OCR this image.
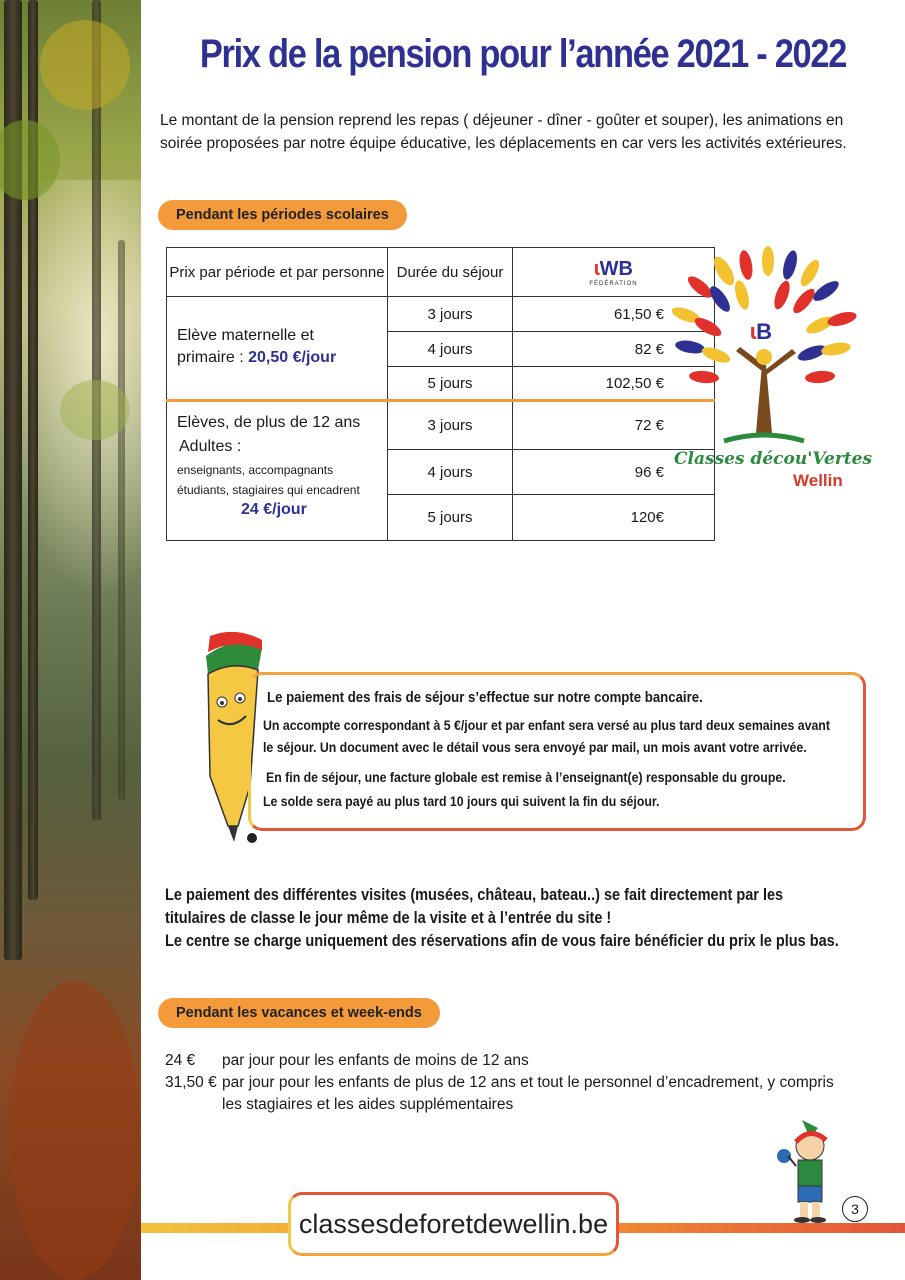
Prix de la pension pour l’année 2021 - 2022
Le montant de la pension reprend les repas ( déjeuner - dîner - goûter et souper), les animations en soirée proposées par notre équipe éducative, les déplacements en car vers les activités extérieures.
Pendant les périodes scolaires
Prix par période et par personne	Durée du séjour	ɩWB
FÉDÉRATION

Elève maternelle et
primaire : 20,50 €/jour	3 jours	61,50 €
	4 jours	82 €
	5 jours	102,50 €

Elèves, de plus de 12 ans
Adultes :
enseignants, accompagnants
étudiants, stagiaires qui encadrent
24 €/jour	3 jours	72 €
	4 jours	96 €
	5 jours	120€
ɩB
Classes décou'Vertes
Wellin
Le paiement des frais de séjour s’effectue sur notre compte bancaire.
Un accompte correspondant à 5 €/jour et par enfant sera versé au plus tard deux semaines avant
le séjour. Un document avec le détail vous sera envoyé par mail, un mois avant votre arrivée.
En fin de séjour, une facture globale est remise à l’enseignant(e) responsable du groupe.
Le solde sera payé au plus tard 10 jours qui suivent la fin du séjour.
Le paiement des différentes visites (musées, château, bateau..) se fait directement par les
titulaires de classe le jour même de la visite et à l’entrée du site !
Le centre se charge uniquement des réservations afin de vous faire bénéficier du prix le plus bas.
Pendant les vacances et week-ends
24 € par jour pour les enfants de moins de 12 ans
31,50 € par jour pour les enfants de plus de 12 ans et tout le personnel d’encadrement, y compris
les stagiaires et les aides supplémentaires
classesdeforetdewellin.be	3
